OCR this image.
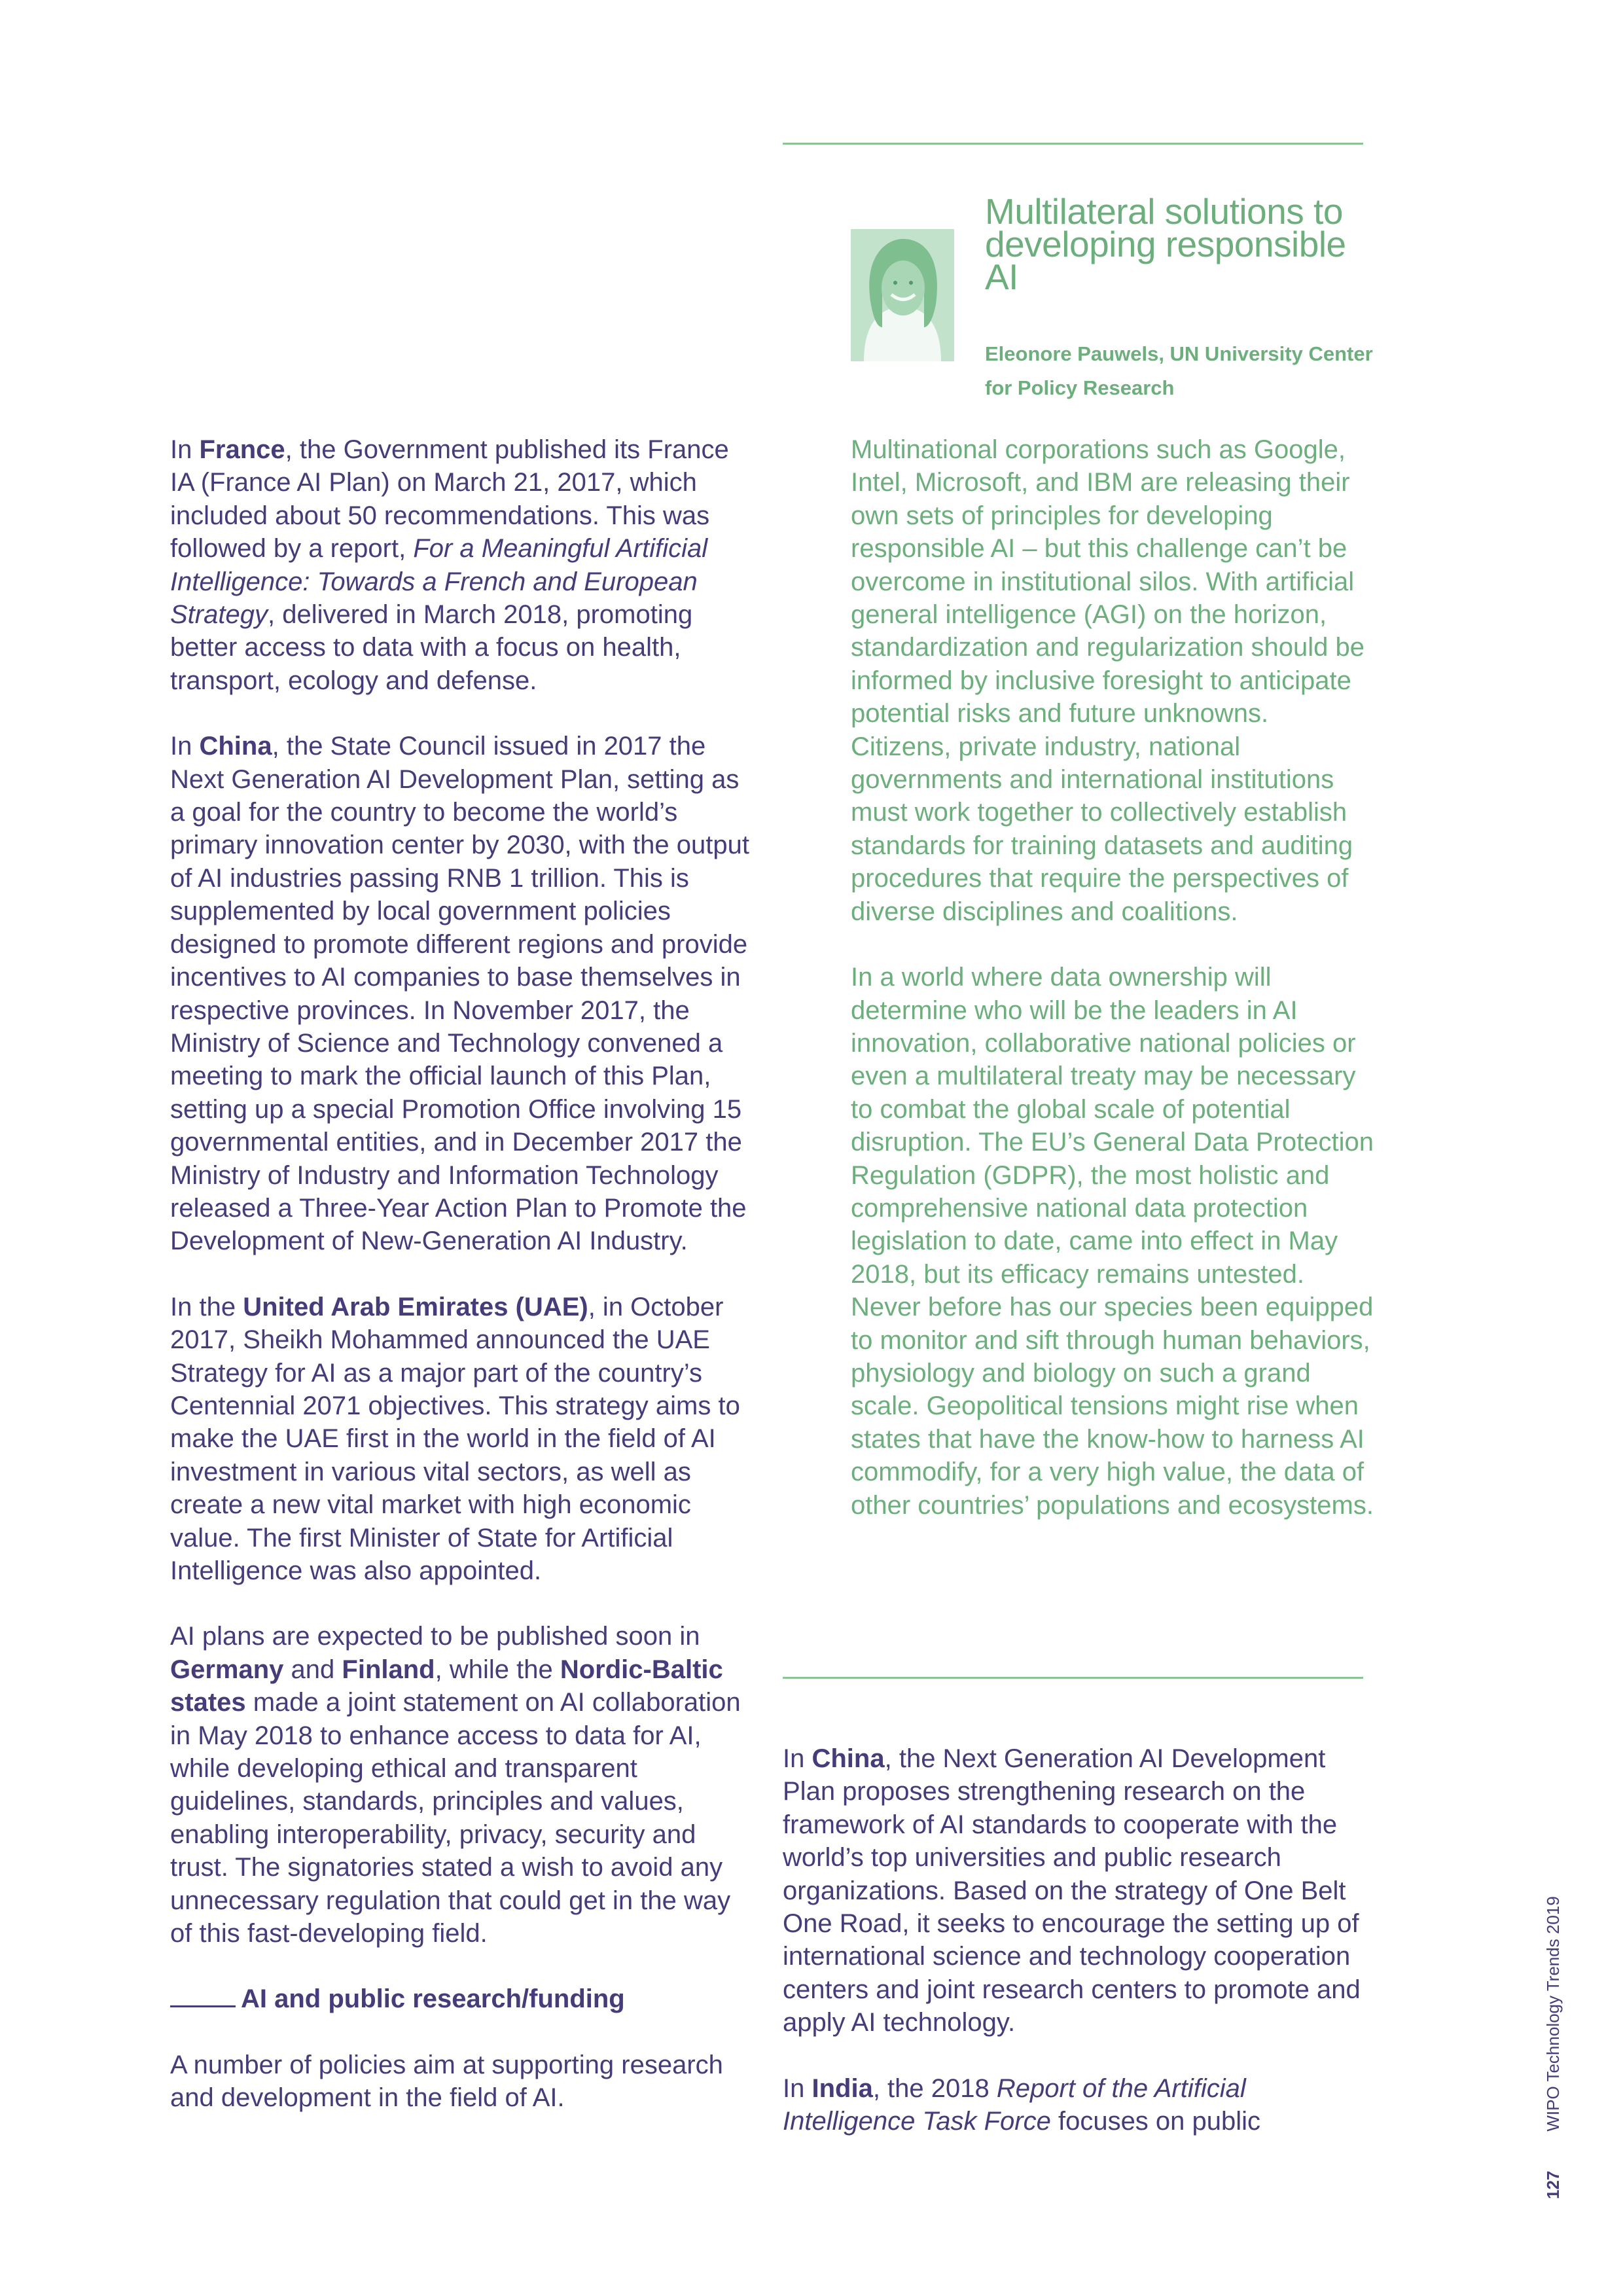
Multilateral solutions to developing responsible AI
Eleonore Pauwels, UN University Center for Policy Research

Multinational corporations such as Google, Intel, Microsoft, and IBM are releasing their own sets of principles for developing responsible AI – but this challenge can’t be overcome in institutional silos. With artificial general intelligence (AGI) on the horizon, standardization and regularization should be informed by inclusive foresight to anticipate potential risks and future unknowns. Citizens, private industry, national governments and international institutions must work together to collectively establish standards for training datasets and auditing procedures that require the perspectives of diverse disciplines and coalitions.

In a world where data ownership will determine who will be the leaders in AI innovation, collaborative national policies or even a multilateral treaty may be necessary to combat the global scale of potential disruption. The EU’s General Data Protection Regulation (GDPR), the most holistic and comprehensive national data protection legislation to date, came into effect in May 2018, but its efficacy remains untested. Never before has our species been equipped to monitor and sift through human behaviors, physiology and biology on such a grand scale. Geopolitical tensions might rise when states that have the know-how to harness AI commodify, for a very high value, the data of other countries’ populations and ecosystems.

In France, the Government published its France IA (France AI Plan) on March 21, 2017, which included about 50 recommendations. This was followed by a report, For a Meaningful Artificial Intelligence: Towards a French and European Strategy, delivered in March 2018, promoting better access to data with a focus on health, transport, ecology and defense.

In China, the State Council issued in 2017 the Next Generation AI Development Plan, setting as a goal for the country to become the world’s primary innovation center by 2030, with the output of AI industries passing RNB 1 trillion. This is supplemented by local government policies designed to promote different regions and provide incentives to AI companies to base themselves in respective provinces. In November 2017, the Ministry of Science and Technology convened a meeting to mark the official launch of this Plan, setting up a special Promotion Office involving 15 governmental entities, and in December 2017 the Ministry of Industry and Information Technology released a Three-Year Action Plan to Promote the Development of New-Generation AI Industry.

In the United Arab Emirates (UAE), in October 2017, Sheikh Mohammed announced the UAE Strategy for AI as a major part of the country’s Centennial 2071 objectives. This strategy aims to make the UAE first in the world in the field of AI investment in various vital sectors, as well as create a new vital market with high economic value. The first Minister of State for Artificial Intelligence was also appointed.

AI plans are expected to be published soon in Germany and Finland, while the Nordic-Baltic states made a joint statement on AI collaboration in May 2018 to enhance access to data for AI, while developing ethical and transparent guidelines, standards, principles and values, enabling interoperability, privacy, security and trust. The signatories stated a wish to avoid any unnecessary regulation that could get in the way of this fast-developing field.

AI and public research/funding

A number of policies aim at supporting research and development in the field of AI.

In China, the Next Generation AI Development Plan proposes strengthening research on the framework of AI standards to cooperate with the world’s top universities and public research organizations. Based on the strategy of One Belt One Road, it seeks to encourage the setting up of international science and technology cooperation centers and joint research centers to promote and apply AI technology.

In India, the 2018 Report of the Artificial Intelligence Task Force focuses on public

127WIPO Technology Trends 2019
